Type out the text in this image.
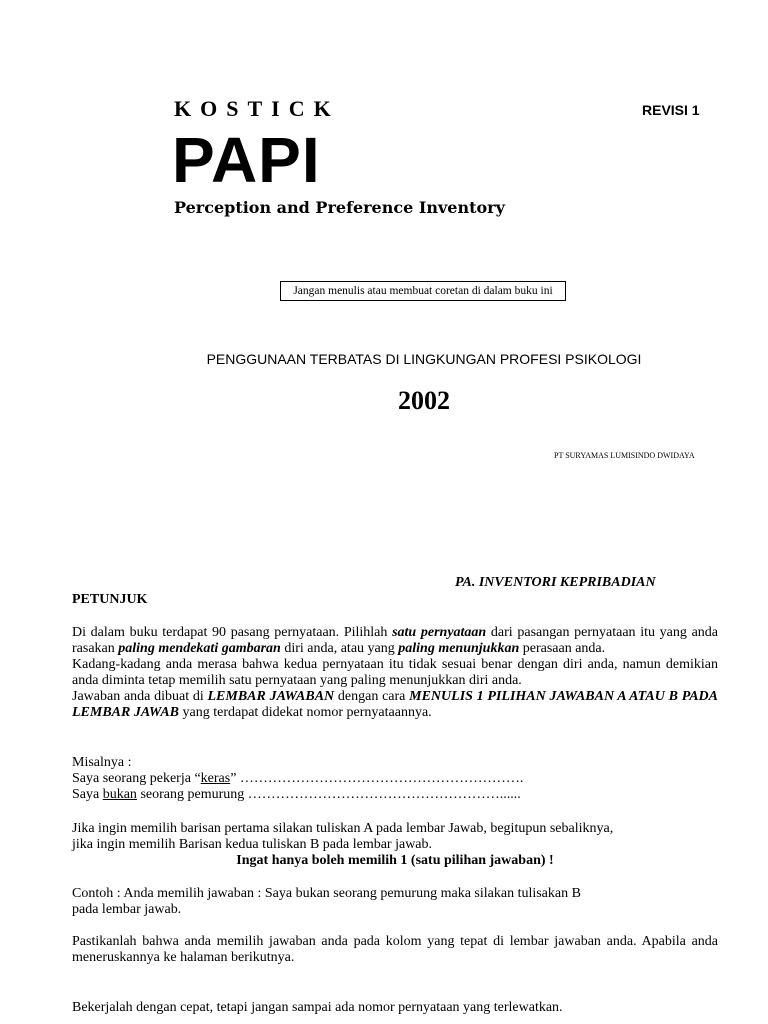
KOSTICK	REVISI 1
PAPI
Perception and Preference Inventory
Jangan menulis atau membuat coretan di dalam buku ini
PENGGUNAAN TERBATAS DI LINGKUNGAN PROFESI PSIKOLOGI
2002
PT SURYAMAS LUMISINDO DWIDAYA
PA. INVENTORI KEPRIBADIAN
PETUNJUK
Di dalam buku terdapat 90 pasang pernyataan. Pilihlah satu pernyataan dari pasangan pernyataan itu yang anda rasakan paling mendekati gambaran diri anda, atau yang paling menunjukkan perasaan anda.
Kadang-kadang anda merasa bahwa kedua pernyataan itu tidak sesuai benar dengan diri anda, namun demikian anda diminta tetap memilih satu pernyataan yang paling menunjukkan diri anda.
Jawaban anda dibuat di LEMBAR JAWABAN dengan cara MENULIS 1 PILIHAN JAWABAN A ATAU B PADA LEMBAR JAWAB yang terdapat didekat nomor pernyataannya.
Misalnya :
Saya seorang pekerja “keras” …………………………………………………….
Saya bukan seorang pemurung ………………………………………………......
Jika ingin memilih barisan pertama silakan tuliskan A pada lembar Jawab, begitupun sebaliknya,
jika ingin memilih Barisan kedua tuliskan B pada lembar jawab.
Ingat hanya boleh memilih 1 (satu pilihan jawaban) !
Contoh : Anda memilih jawaban : Saya bukan seorang pemurung maka silakan tulisakan B
pada lembar jawab.
Pastikanlah bahwa anda memilih jawaban anda pada kolom yang tepat di lembar jawaban anda. Apabila anda meneruskannya ke halaman berikutnya.
Bekerjalah dengan cepat, tetapi jangan sampai ada nomor pernyataan yang terlewatkan.
